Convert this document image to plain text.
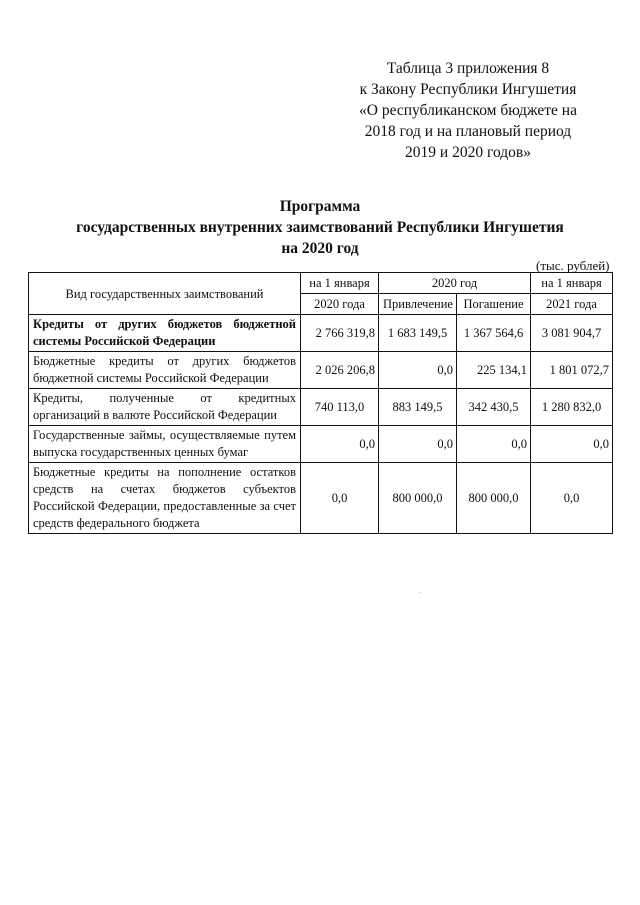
Таблица 3 приложения 8
к Закону Республики Ингушетия
«О республиканском бюджете на
2018 год и на плановый период
2019 и 2020 годов»
Программа
государственных внутренних заимствований Республики Ингушетия
на 2020 год
(тыс. рублей)
Вид государственных заимствований	на 1 января	2020 год		на 1 января
	2020 года	Привлечение	Погашение	2021 года
Кредиты от других бюджетов бюджетной системы Российской Федерации	2 766 319,8	1 683 149,5	1 367 564,6	3 081 904,7
Бюджетные кредиты от других бюджетов бюджетной системы Российской Федерации	2 026 206,8	0,0	225 134,1	1 801 072,7
Кредиты, полученные от кредитных организаций в валюте Российской Федерации	740 113,0	883 149,5	342 430,5	1 280 832,0
Государственные займы, осуществляемые путем выпуска государственных ценных бумаг	0,0	0,0	0,0	0,0
Бюджетные кредиты на пополнение остатков средств на счетах бюджетов субъектов Российской Федерации, предоставленные за счет средств федерального бюджета	0,0	800 000,0	800 000,0	0,0
